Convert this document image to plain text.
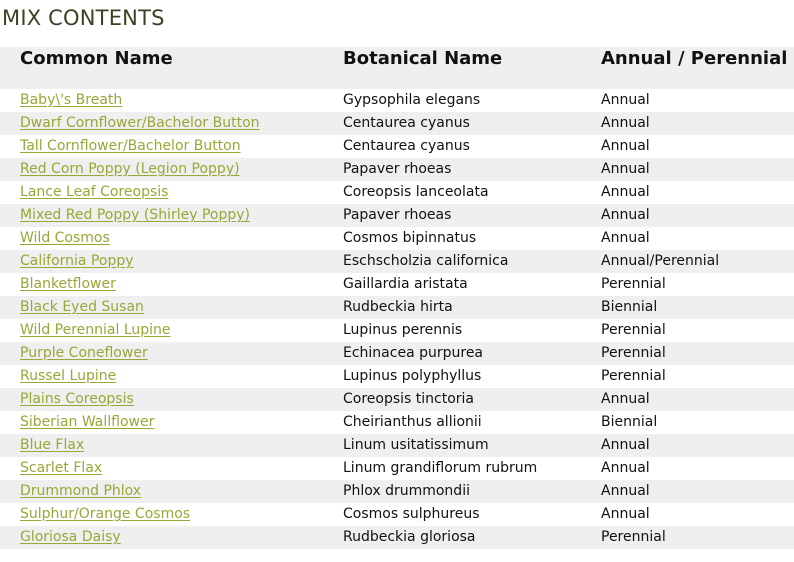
MIX CONTENTS
Common Name	Botanical Name	Annual / Perennial
Baby\'s Breath	Gypsophila elegans	Annual
Dwarf Cornflower/Bachelor Button	Centaurea cyanus	Annual
Tall Cornflower/Bachelor Button	Centaurea cyanus	Annual
Red Corn Poppy (Legion Poppy)	Papaver rhoeas	Annual
Lance Leaf Coreopsis	Coreopsis lanceolata	Annual
Mixed Red Poppy (Shirley Poppy)	Papaver rhoeas	Annual
Wild Cosmos	Cosmos bipinnatus	Annual
California Poppy	Eschscholzia californica	Annual/Perennial
Blanketflower	Gaillardia aristata	Perennial
Black Eyed Susan	Rudbeckia hirta	Biennial
Wild Perennial Lupine	Lupinus perennis	Perennial
Purple Coneflower	Echinacea purpurea	Perennial
Russel Lupine	Lupinus polyphyllus	Perennial
Plains Coreopsis	Coreopsis tinctoria	Annual
Siberian Wallflower	Cheirianthus allionii	Biennial
Blue Flax	Linum usitatissimum	Annual
Scarlet Flax	Linum grandiflorum rubrum	Annual
Drummond Phlox	Phlox drummondii	Annual
Sulphur/Orange Cosmos	Cosmos sulphureus	Annual
Gloriosa Daisy	Rudbeckia gloriosa	Perennial
